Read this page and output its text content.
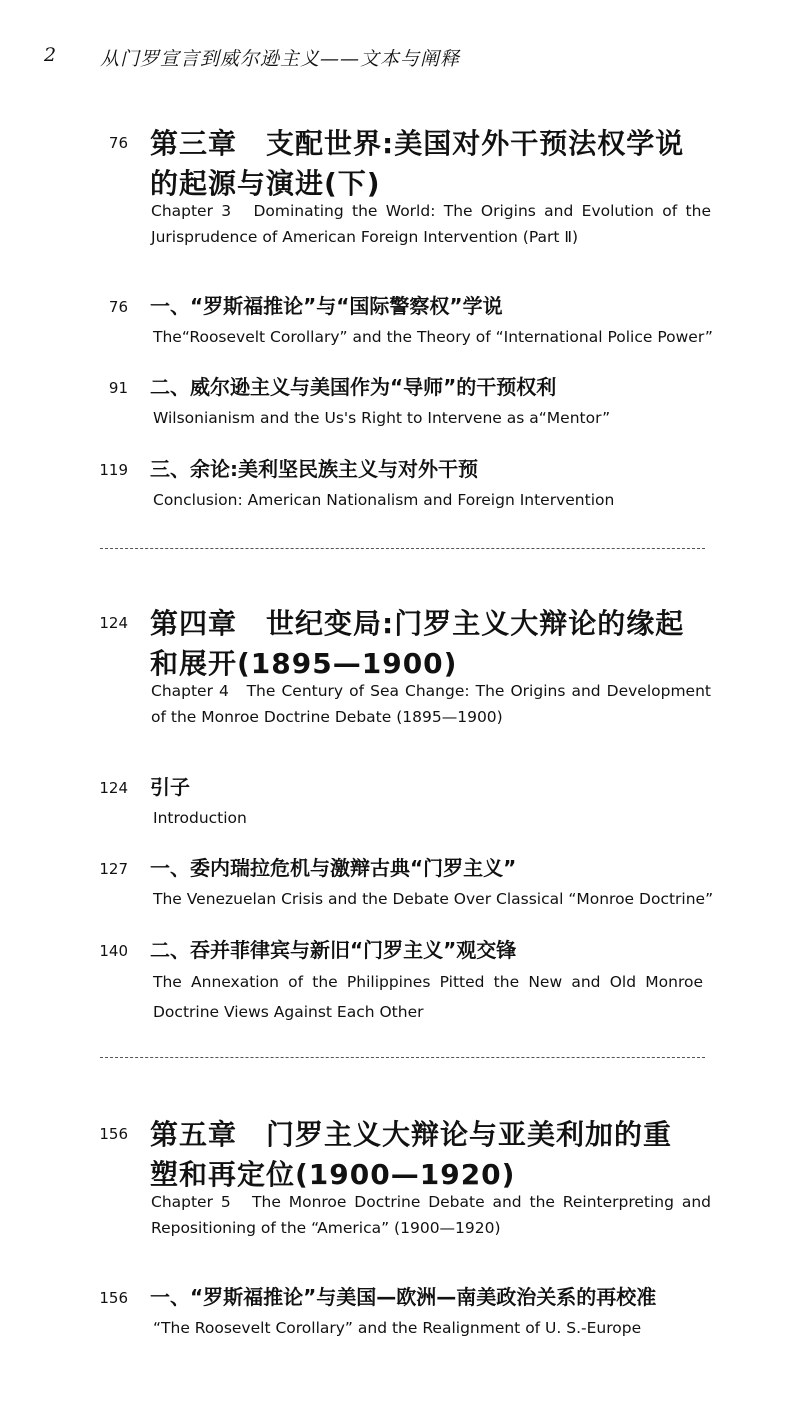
2 从门罗宣言到威尔逊主义——文本与阐释
76 第三章　支配世界:美国对外干预法权学说
的起源与演进(下)
Chapter 3　Dominating the World: The Origins and Evolution of the Jurisprudence of American Foreign Intervention (Part Ⅱ)
76 一、“罗斯福推论”与“国际警察权”学说
The“Roosevelt Corollary” and the Theory of “International Police Power”
91 二、威尔逊主义与美国作为“导师”的干预权利
Wilsonianism and the Us's Right to Intervene as a“Mentor”
119 三、余论:美利坚民族主义与对外干预
Conclusion: American Nationalism and Foreign Intervention
124 第四章　世纪变局:门罗主义大辩论的缘起
和展开(1895—1900)
Chapter 4　The Century of Sea Change: The Origins and Development of the Monroe Doctrine Debate (1895—1900)
124 引子
Introduction
127 一、委内瑞拉危机与激辩古典“门罗主义”
The Venezuelan Crisis and the Debate Over Classical “Monroe Doctrine”
140 二、吞并菲律宾与新旧“门罗主义”观交锋
The Annexation of the Philippines Pitted the New and Old Monroe Doctrine Views Against Each Other
156 第五章　门罗主义大辩论与亚美利加的重
塑和再定位(1900—1920)
Chapter 5　The Monroe Doctrine Debate and the Reinterpreting and Repositioning of the “America” (1900—1920)
156 一、“罗斯福推论”与美国—欧洲—南美政治关系的再校准
“The Roosevelt Corollary” and the Realignment of U. S.-Europe
